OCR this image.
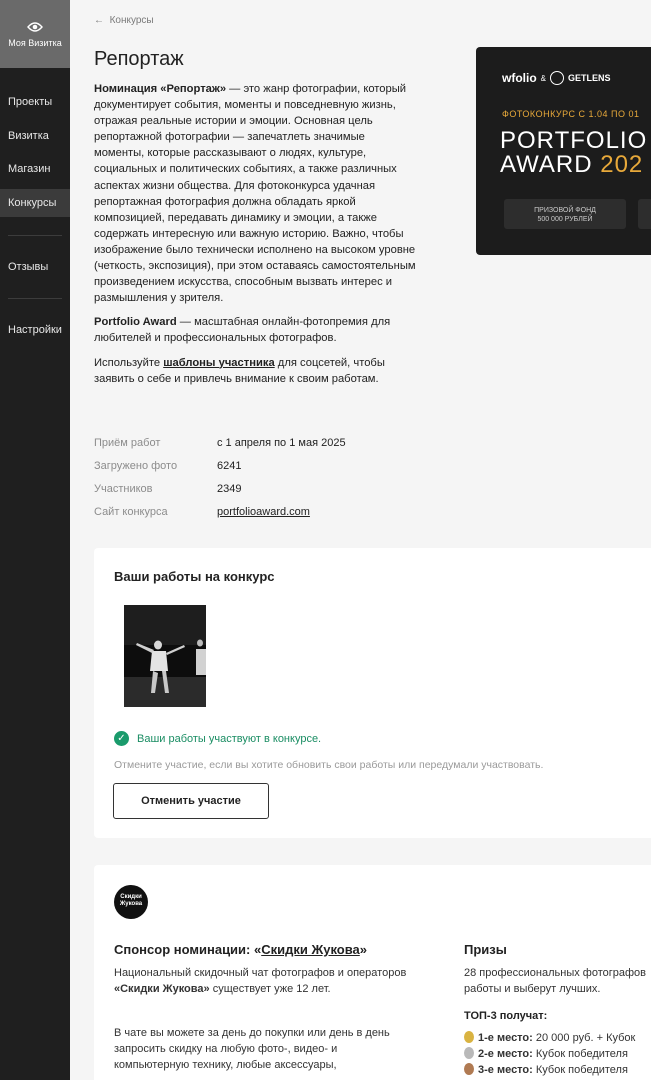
Моя Визитка
Проекты
Визитка
Магазин
Конкурсы
Отзывы
Настройки
← Конкурсы
Репортаж

Номинация «Репортаж» — это жанр фотографии, который документирует события, моменты и повседневную жизнь, отражая реальные истории и эмоции. Основная цель репортажной фотографии — запечатлеть значимые моменты, которые рассказывают о людях, культуре, социальных и политических событиях, а также различных аспектах жизни общества. Для фотоконкурса удачная репортажная фотография должна обладать яркой композицией, передавать динамику и эмоции, а также содержать интересную или важную историю. Важно, чтобы изображение было технически исполнено на высоком уровне (четкость, экспозиция), при этом оставаясь самостоятельным произведением искусства, способным вызвать интерес и размышления у зрителя.

Portfolio Award — масштабная онлайн-фотопремия для любителей и профессиональных фотографов.

Используйте шаблоны участника для соцсетей, чтобы заявить о себе и привлечь внимание к своим работам.

Приём работ	с 1 апреля по 1 мая 2025
Загружено фото	6241
Участников	2349
Сайт конкурса	portfolioaward.com
wfolio & GETLENS
ФОТОКОНКУРС С 1.04 ПО 01
PORTFOLIO
AWARD 202
ПРИЗОВОЙ ФОНД
500 000 РУБЛЕЙ
Ваши работы на конкурс
✓	Ваши работы участвуют в конкурсе.
Отмените участие, если вы хотите обновить свои работы или передумали участвовать.
Отменить участие
Скидки
Жукова
Спонсор номинации: «Скидки Жукова»
Национальный скидочный чат фотографов и операторов «Скидки Жукова» существует уже 12 лет.
В чате вы можете за день до покупки или день в день запросить скидку на любую фото-, видео- и компьютерную технику, любые аксессуары,
Призы
28 профессиональных фотографов
работы и выберут лучших.
ТОП-3 получат:
1-е место: 20 000 руб. + Кубок
2-е место: Кубок победителя
3-е место: Кубок победителя
